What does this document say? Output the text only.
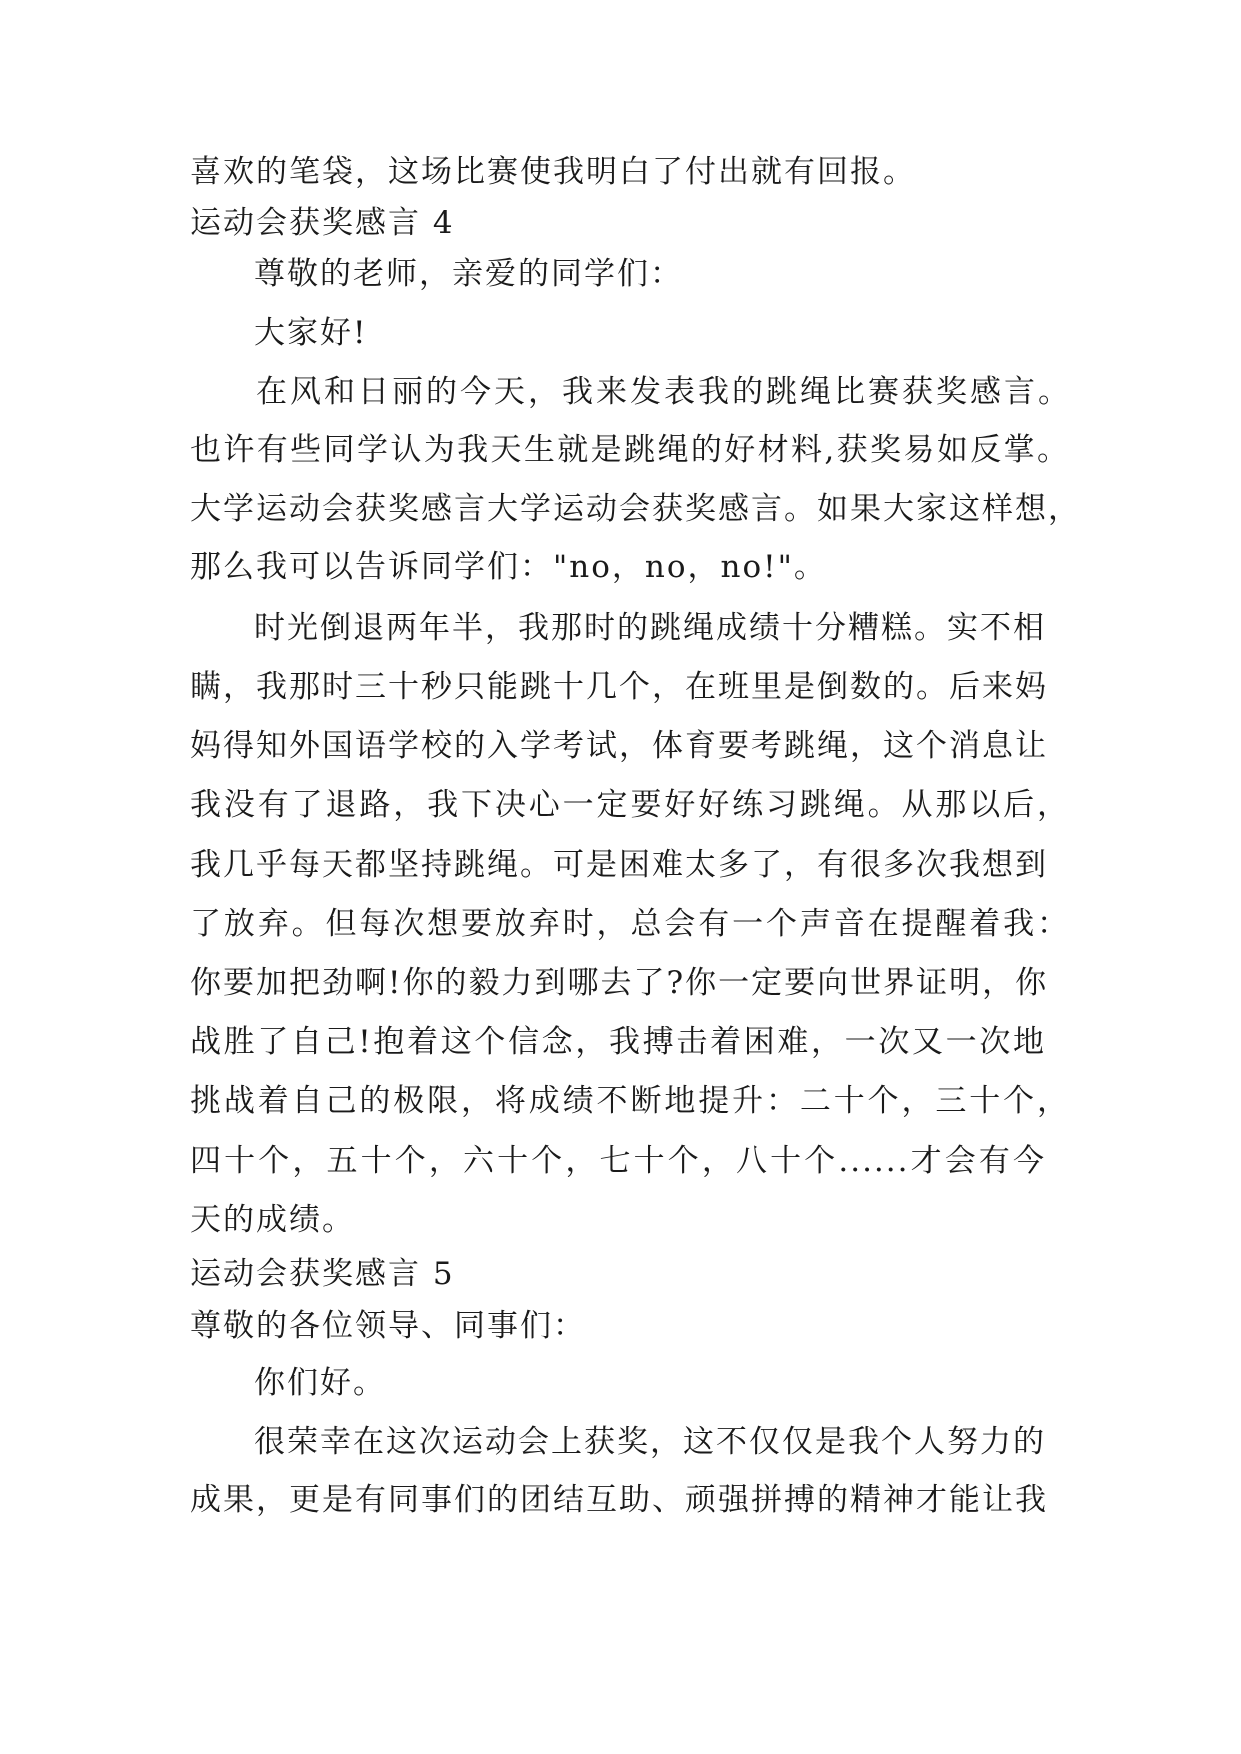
喜欢的笔袋，这场比赛使我明白了付出就有回报。
运动会获奖感言 4
尊敬的老师，亲爱的同学们：
大家好!
在风和日丽的今天，我来发表我的跳绳比赛获奖感言。
也许有些同学认为我天生就是跳绳的好材料,获奖易如反掌。
大学运动会获奖感言大学运动会获奖感言。如果大家这样想，
那么我可以告诉同学们："no，no，no!"。
时光倒退两年半，我那时的跳绳成绩十分糟糕。实不相
瞒，我那时三十秒只能跳十几个，在班里是倒数的。后来妈
妈得知外国语学校的入学考试，体育要考跳绳，这个消息让
我没有了退路，我下决心一定要好好练习跳绳。从那以后，
我几乎每天都坚持跳绳。可是困难太多了，有很多次我想到
了放弃。但每次想要放弃时，总会有一个声音在提醒着我：
你要加把劲啊!你的毅力到哪去了?你一定要向世界证明，你
战胜了自己!抱着这个信念，我搏击着困难，一次又一次地
挑战着自己的极限，将成绩不断地提升：二十个，三十个，
四十个，五十个，六十个，七十个，八十个......才会有今
天的成绩。
运动会获奖感言 5
尊敬的各位领导、同事们：
你们好。
很荣幸在这次运动会上获奖，这不仅仅是我个人努力的
成果，更是有同事们的团结互助、顽强拼搏的精神才能让我
